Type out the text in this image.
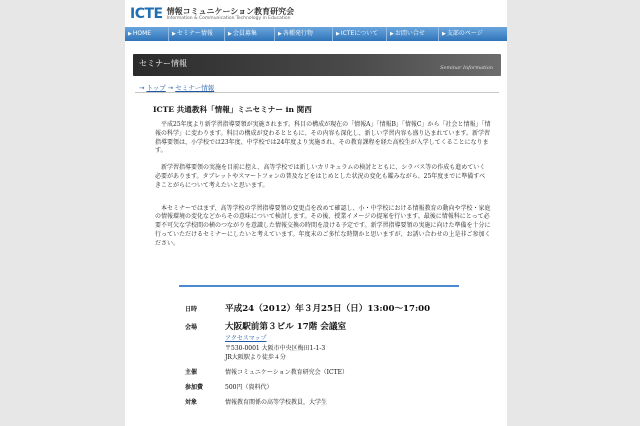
ICTE 情報コミュニケーション教育研究会
Information & Communication Technology in Education
▶HOME	▶セミナー情報	▶会員募集	▶各種発行物	▶ICTEについて	▶お問い合せ	▶支部のページ
セミナー情報	Seminar Information
→ トップ → セミナー情報
ICTE 共通教科「情報」ミニセミナー in 関西

平成25年度より新学習指導要領が実施されます。科目の構成が現在の「情報A」「情報B」「情報C」から「社会と情報」「情報の科学」に変わります。科目の構成が変わるとともに、その内容も深化し、新しい学習内容も盛り込まれています。新学習指導要領は、小学校では23年度、中学校では24年度より実施され、その教育課程を経た高校生が入学してくることになります。

新学習指導要領の実施を目前に控え、高等学校では新しいカリキュラムの検討とともに、シラバス等の作成も進めていく必要があります。タブレットやスマートフォンの普及などをはじめとした状況の変化も鑑みながら、25年度までに準備すべきことがらについて考えたいと思います。

本セミナーではまず、高等学校の学習指導要領の変更点を改めて確認し、小・中学校における情報教育の動向や学校・家庭の情報環境の変化などからその意味について検討します。その後、授業イメージの提案を行います。最後に情報科にとって必要不可欠な学校間の横のつながりを意識した情報交換の時間を設ける予定です。新学習指導要領の実施に向けた準備を十分に行っていただけるセミナーにしたいと考えています。年度末のご多忙な時期かと思いますが、お誘い合わせの上是非ご参加ください。

日時	平成24（2012）年３月25日（日）13:00〜17:00
会場	大阪駅前第３ビル 17階 会議室
アクセスマップ
〒530-0001 大阪市中央区梅田1-1-3
JR大阪駅より徒歩４分
主催	情報コミュニケーション教育研究会（ICTE）
参加費	500円（資料代）
対象	情報教育関係の高等学校教員，大学生
